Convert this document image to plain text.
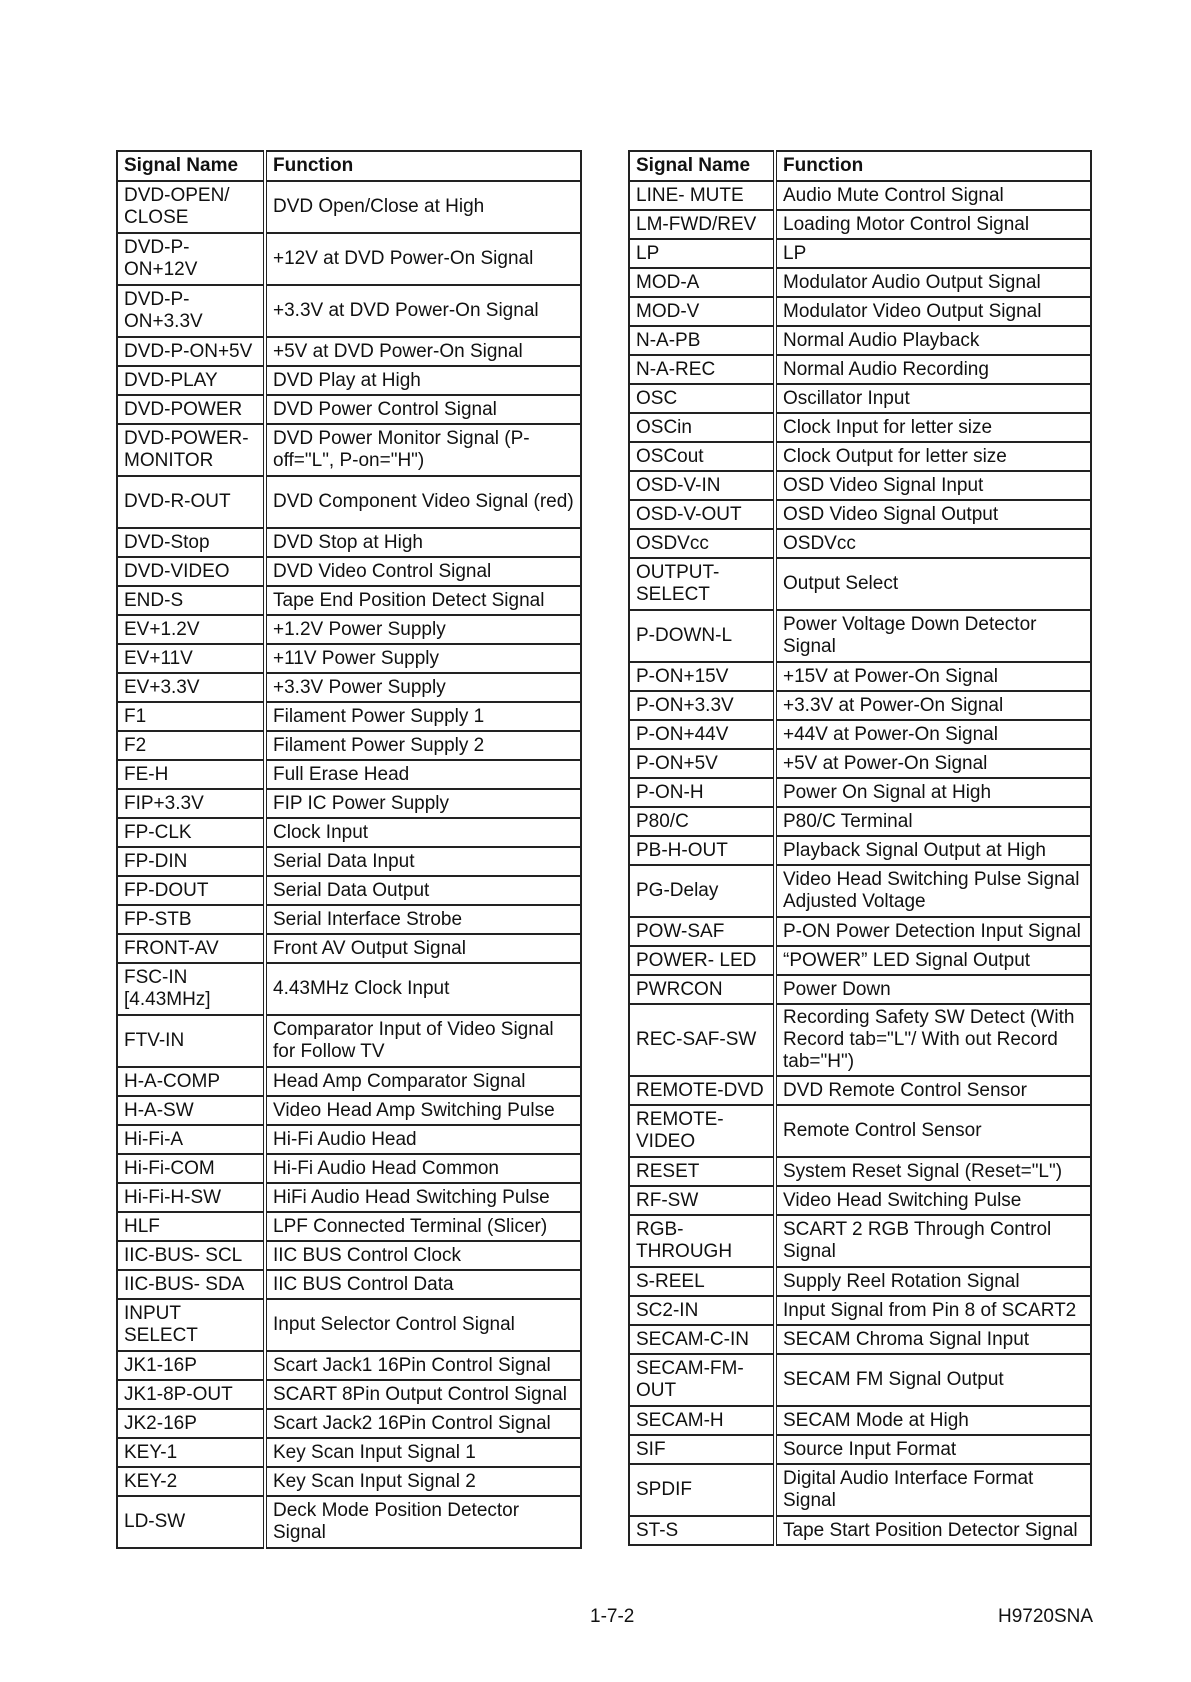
Signal Name	Function
DVD-OPEN/ CLOSE	DVD Open/Close at High
DVD-P- ON+12V	+12V at DVD Power-On Signal
DVD-P- ON+3.3V	+3.3V at DVD Power-On Signal
DVD-P-ON+5V	+5V at DVD Power-On Signal
DVD-PLAY	DVD Play at High
DVD-POWER	DVD Power Control Signal
DVD-POWER- MONITOR	DVD Power Monitor Signal (P-off="L", P-on="H")
DVD-R-OUT	DVD Component Video Signal (red)
DVD-Stop	DVD Stop at High
DVD-VIDEO	DVD Video Control Signal
END-S	Tape End Position Detect Signal
EV+1.2V	+1.2V Power Supply
EV+11V	+11V Power Supply
EV+3.3V	+3.3V Power Supply
F1	Filament Power Supply 1
F2	Filament Power Supply 2
FE-H	Full Erase Head
FIP+3.3V	FIP IC Power Supply
FP-CLK	Clock Input
FP-DIN	Serial Data Input
FP-DOUT	Serial Data Output
FP-STB	Serial Interface Strobe
FRONT-AV	Front AV Output Signal
FSC-IN [4.43MHz]	4.43MHz Clock Input
FTV-IN	Comparator Input of Video Signal for Follow TV
H-A-COMP	Head Amp Comparator Signal
H-A-SW	Video Head Amp Switching Pulse
Hi-Fi-A	Hi-Fi Audio Head
Hi-Fi-COM	Hi-Fi Audio Head Common
Hi-Fi-H-SW	HiFi Audio Head Switching Pulse
HLF	LPF Connected Terminal (Slicer)
IIC-BUS- SCL	IIC BUS Control Clock
IIC-BUS- SDA	IIC BUS Control Data
INPUT SELECT	Input Selector Control Signal
JK1-16P	Scart Jack1 16Pin Control Signal
JK1-8P-OUT	SCART 8Pin Output Control Signal
JK2-16P	Scart Jack2 16Pin Control Signal
KEY-1	Key Scan Input Signal 1
KEY-2	Key Scan Input Signal 2
LD-SW	Deck Mode Position Detector Signal
Signal Name	Function
LINE- MUTE	Audio Mute Control Signal
LM-FWD/REV	Loading Motor Control Signal
LP	LP
MOD-A	Modulator Audio Output Signal
MOD-V	Modulator Video Output Signal
N-A-PB	Normal Audio Playback
N-A-REC	Normal Audio Recording
OSC	Oscillator Input
OSCin	Clock Input for letter size
OSCout	Clock Output for letter size
OSD-V-IN	OSD Video Signal Input
OSD-V-OUT	OSD Video Signal Output
OSDVcc	OSDVcc
OUTPUT- SELECT	Output Select
P-DOWN-L	Power Voltage Down Detector Signal
P-ON+15V	+15V at Power-On Signal
P-ON+3.3V	+3.3V at Power-On Signal
P-ON+44V	+44V at Power-On Signal
P-ON+5V	+5V at Power-On Signal
P-ON-H	Power On Signal at High
P80/C	P80/C Terminal
PB-H-OUT	Playback Signal Output at High
PG-Delay	Video Head Switching Pulse Signal Adjusted Voltage
POW-SAF	P-ON Power Detection Input Signal
POWER- LED	“POWER” LED Signal Output
PWRCON	Power Down
REC-SAF-SW	Recording Safety SW Detect (With Record tab="L"/ With out Record tab="H")
REMOTE-DVD	DVD Remote Control Sensor
REMOTE- VIDEO	Remote Control Sensor
RESET	System Reset Signal (Reset="L")
RF-SW	Video Head Switching Pulse
RGB- THROUGH	SCART 2 RGB Through Control Signal
S-REEL	Supply Reel Rotation Signal
SC2-IN	Input Signal from Pin 8 of SCART2
SECAM-C-IN	SECAM Chroma Signal Input
SECAM-FM- OUT	SECAM FM Signal Output
SECAM-H	SECAM Mode at High
SIF	Source Input Format
SPDIF	Digital Audio Interface Format Signal
ST-S	Tape Start Position Detector Signal
1-7-2	H9720SNA
